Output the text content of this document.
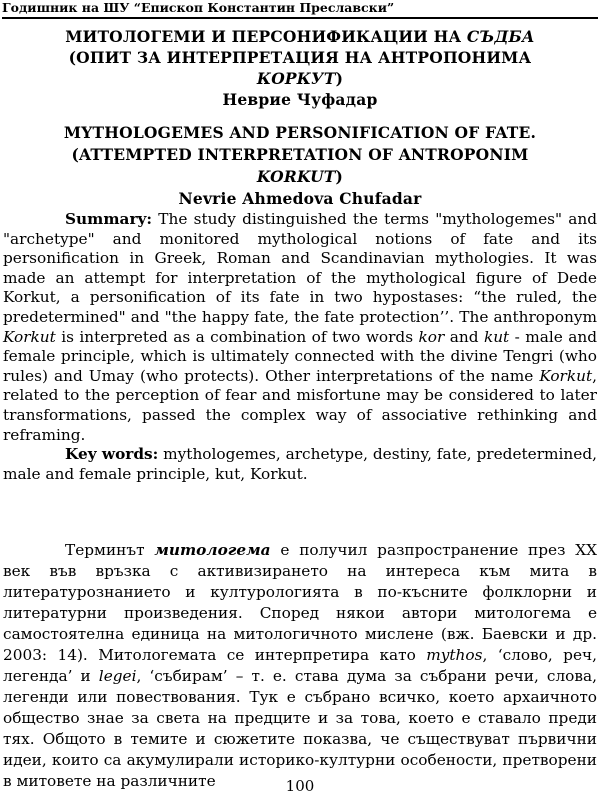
Годишник на ШУ “Епископ Константин Преславски”
МИТОЛОГЕМИ И ПЕРСОНИФИКАЦИИ НА СЪДБА
(ОПИТ ЗА ИНТЕРПРЕТАЦИЯ НА АНТРОПОНИМА
КОРКУТ)
Неврие Чуфадар
MYTHOLOGEMES AND PERSONIFICATION OF FATE.
(ATTEMPTED INTERPRETATION OF ANTROPONIM
KORKUT)
Nevrie Ahmedova Chufadar

Summary: The study distinguished the terms "mythologemes" and "archetype" and monitored mythological notions of fate and its personification in Greek, Roman and Scandinavian mythologies. It was made an attempt for interpretation of the mythological figure of Dede Korkut, a personification of its fate in two hypostases: “the ruled, the predetermined" and "the happy fate, the fate protection’’. The anthroponym Korkut is interpreted as a combination of two words kor and kut - male and female principle, which is ultimately connected with the divine Tengri (who rules) and Umay (who protects). Other interpretations of the name Korkut, related to the perception of fear and misfortune may be considered to later transformations, passed the complex way of associative rethinking and reframing.

Key words: mythologemes, archetype, destiny, fate, predetermined, male and female principle, kut, Korkut.

Терминът митологема е получил разпространение през XX век във връзка с активизирането на интереса към мита в литературознанието и културологията в по-късните фолклорни и литературни произведения. Според някои автори митологема е самостоятелна единица на митологичното мислене (вж. Баевски и др. 2003: 14). Митологемата се интерпретира като mythos, ‘слово, реч, легенда’ и legei, ‘събирам’ – т. е. става дума за събрани речи, слова, легенди или повествования. Тук е събрано всичко, което архаичното общество знае за света на предците и за това, което е ставало преди тях. Общото в темите и сюжетите показва, че съществуват първични идеи, които са акумулирали историко-културни особености, претворени в митовете на различните	100
